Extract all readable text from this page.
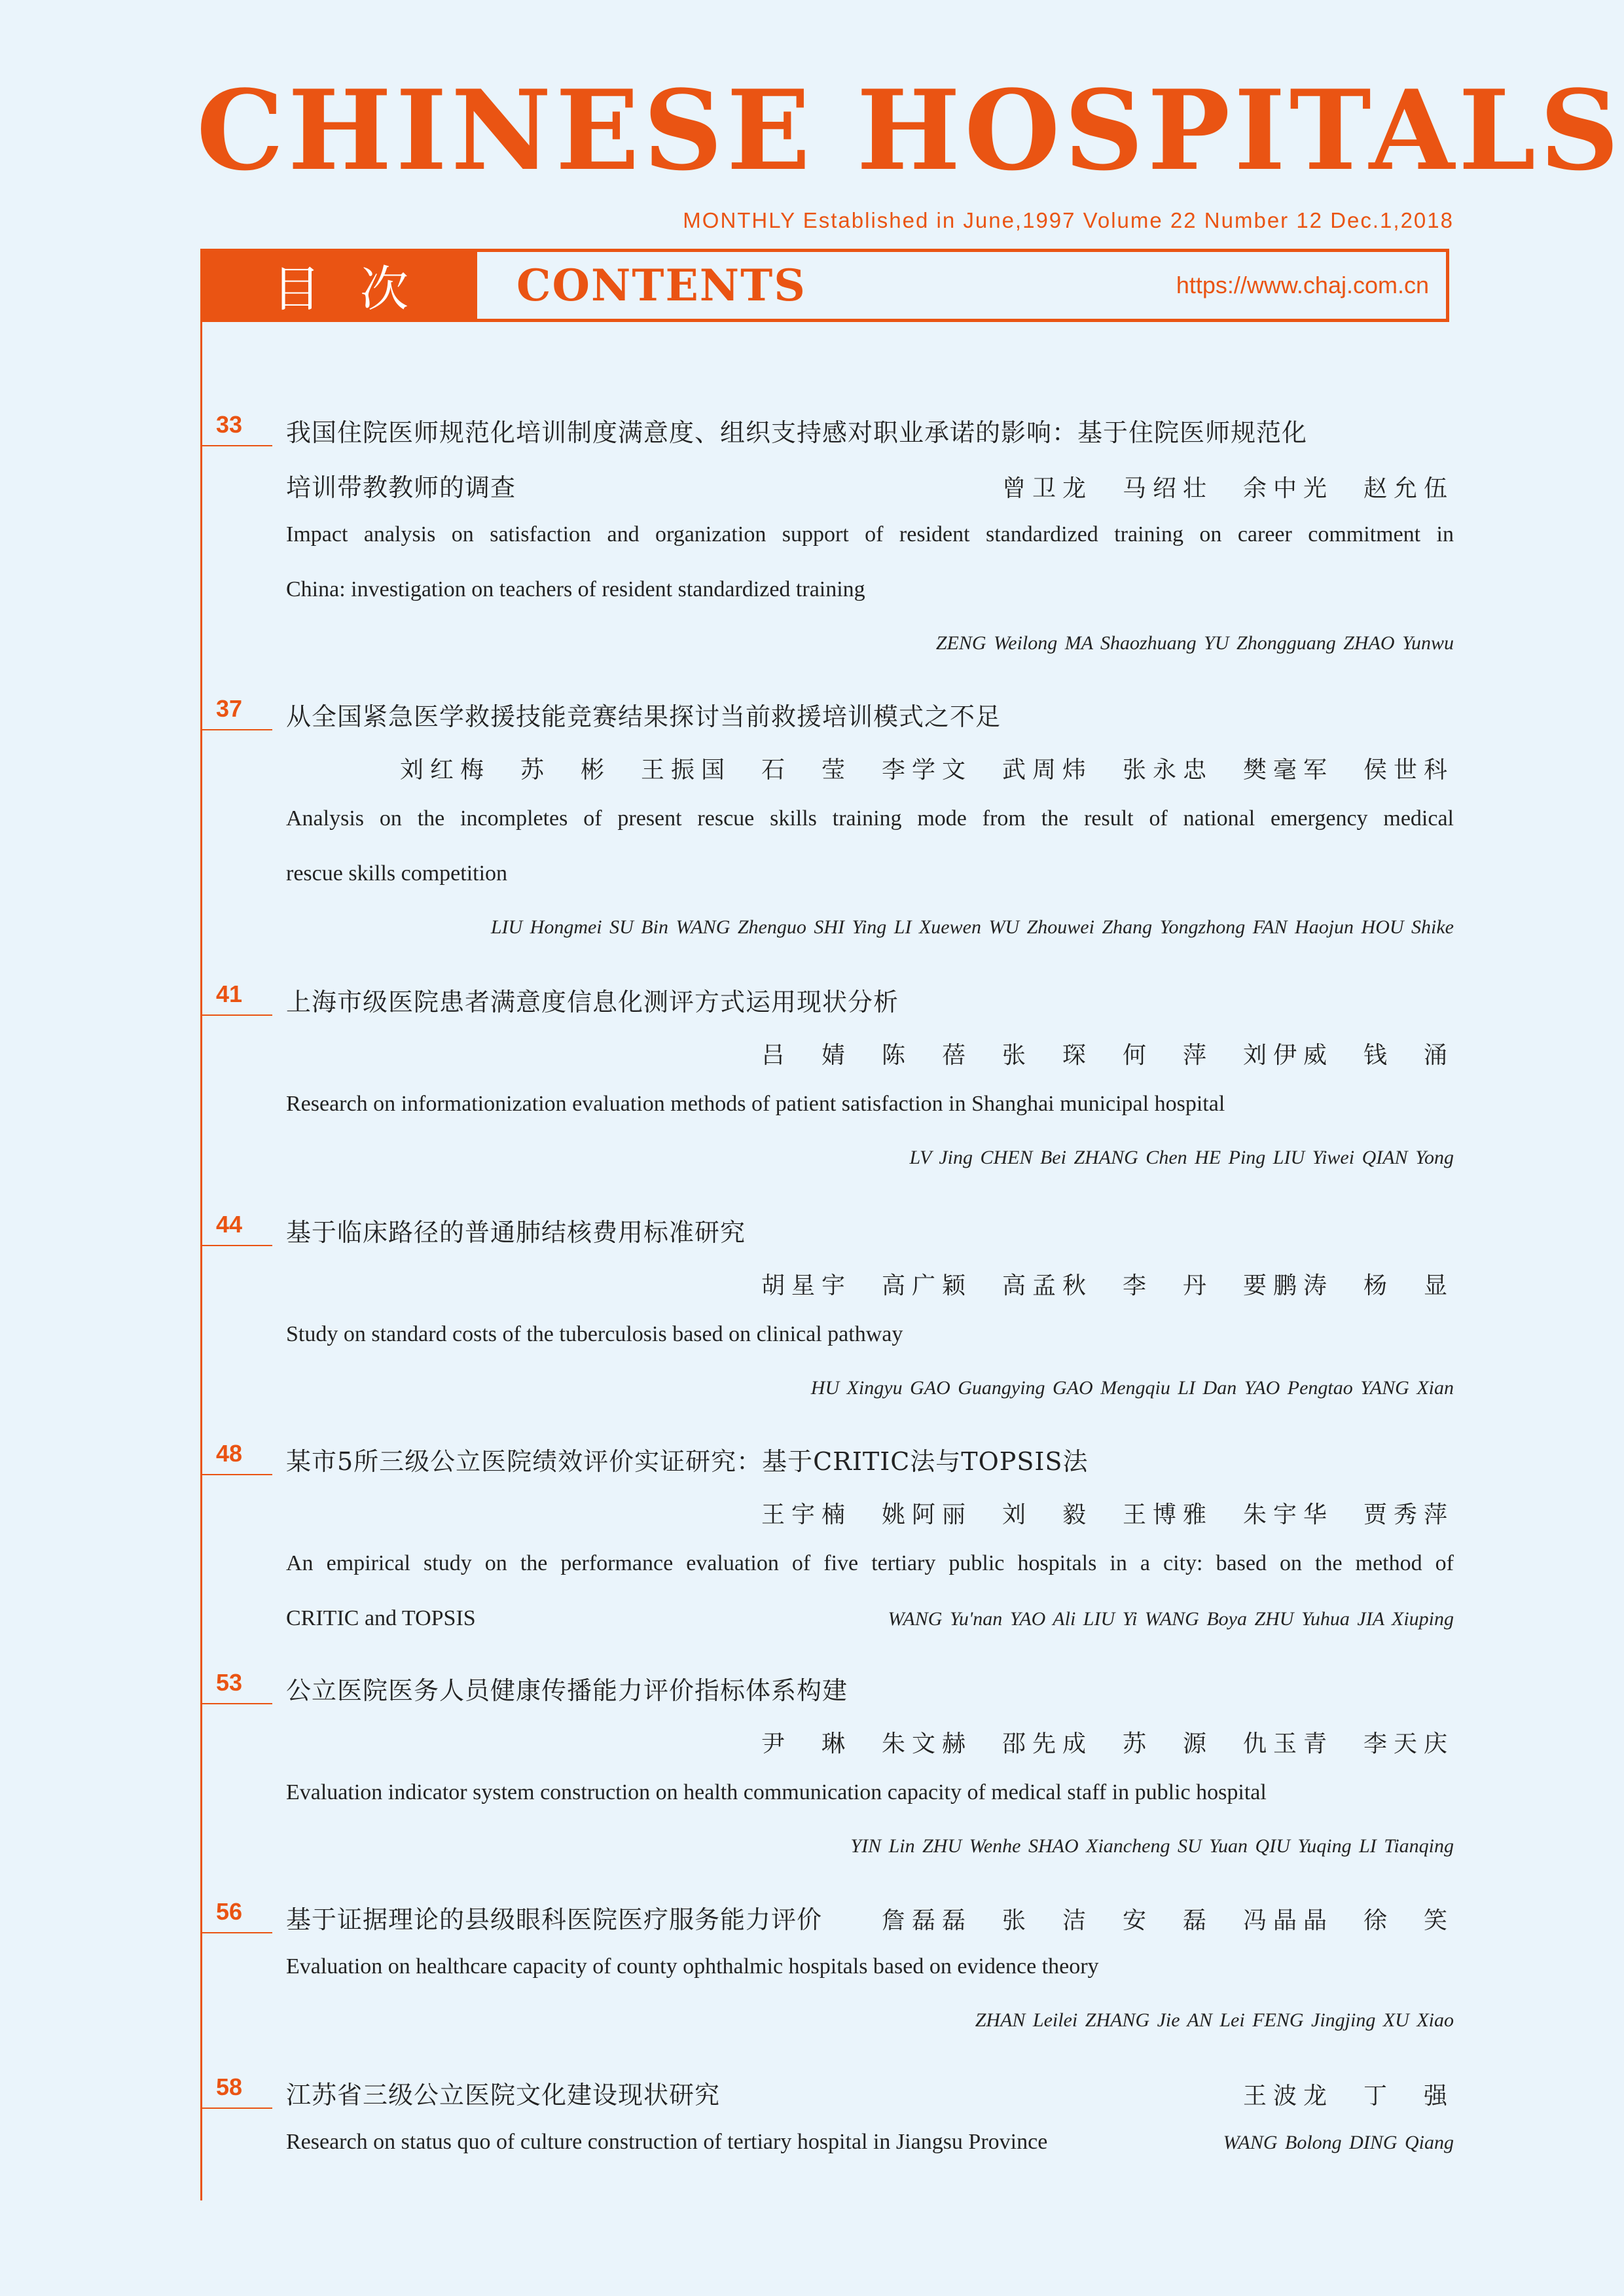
CHINESE HOSPITALS
MONTHLY Established in June,1997 Volume 22 Number 12 Dec.1,2018
目次	CONTENTS	https://www.chaj.com.cn
33 我国住院医师规范化培训制度满意度、组织支持感对职业承诺的影响：基于住院医师规范化
培训带教教师的调查	曾卫龙　马绍壮　余中光　赵允伍
Impact analysis on satisfaction and organization support of resident standardized training on career commitment in
China: investigation on teachers of resident standardized training
ZENG Weilong MA Shaozhuang YU Zhongguang ZHAO Yunwu
37 从全国紧急医学救援技能竞赛结果探讨当前救援培训模式之不足
刘红梅　苏　彬　王振国　石　莹　李学文　武周炜　张永忠　樊毫军　侯世科
Analysis on the incompletes of present rescue skills training mode from the result of national emergency medical
rescue skills competition
LIU Hongmei SU Bin WANG Zhenguo SHI Ying LI Xuewen WU Zhouwei Zhang Yongzhong FAN Haojun HOU Shike
41 上海市级医院患者满意度信息化测评方式运用现状分析
吕　婧　陈　蓓　张　琛　何　萍　刘伊威　钱　涌
Research on informationization evaluation methods of patient satisfaction in Shanghai municipal hospital
LV Jing CHEN Bei ZHANG Chen HE Ping LIU Yiwei QIAN Yong
44 基于临床路径的普通肺结核费用标准研究
胡星宇　高广颖　高孟秋　李　丹　要鹏涛　杨　显
Study on standard costs of the tuberculosis based on clinical pathway
HU Xingyu GAO Guangying GAO Mengqiu LI Dan YAO Pengtao YANG Xian
48 某市5所三级公立医院绩效评价实证研究：基于CRITIC法与TOPSIS法
王宇楠　姚阿丽　刘　毅　王博雅　朱宇华　贾秀萍
An empirical study on the performance evaluation of five tertiary public hospitals in a city: based on the method of
CRITIC and TOPSIS	WANG Yu'nan YAO Ali LIU Yi WANG Boya ZHU Yuhua JIA Xiuping
53 公立医院医务人员健康传播能力评价指标体系构建
尹　琳　朱文赫　邵先成　苏　源　仇玉青　李天庆
Evaluation indicator system construction on health communication capacity of medical staff in public hospital
YIN Lin ZHU Wenhe SHAO Xiancheng SU Yuan QIU Yuqing LI Tianqing
56 基于证据理论的县级眼科医院医疗服务能力评价	詹磊磊　张　洁　安　磊　冯晶晶　徐　笑
Evaluation on healthcare capacity of county ophthalmic hospitals based on evidence theory
ZHAN Leilei ZHANG Jie AN Lei FENG Jingjing XU Xiao
58 江苏省三级公立医院文化建设现状研究	王波龙　丁　强
Research on status quo of culture construction of tertiary hospital in Jiangsu Province	WANG Bolong DING Qiang
